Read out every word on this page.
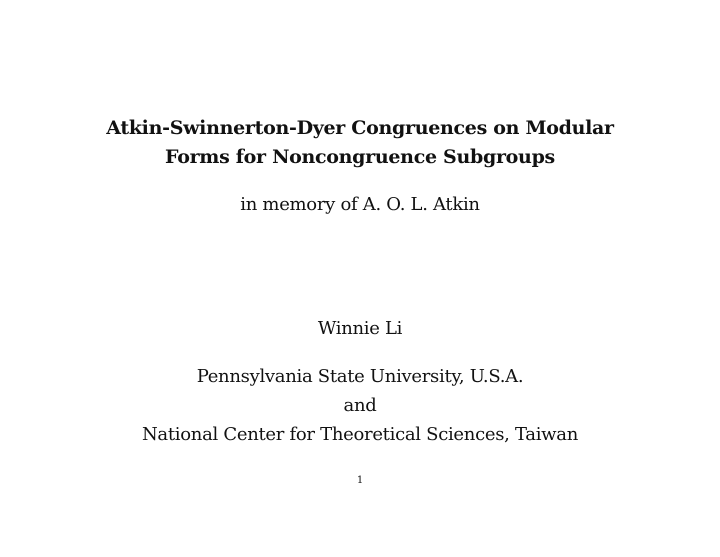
Atkin-Swinnerton-Dyer Congruences on Modular
Forms for Noncongruence Subgroups
in memory of A. O. L. Atkin
Winnie Li
Pennsylvania State University, U.S.A.
and
National Center for Theoretical Sciences, Taiwan
1
